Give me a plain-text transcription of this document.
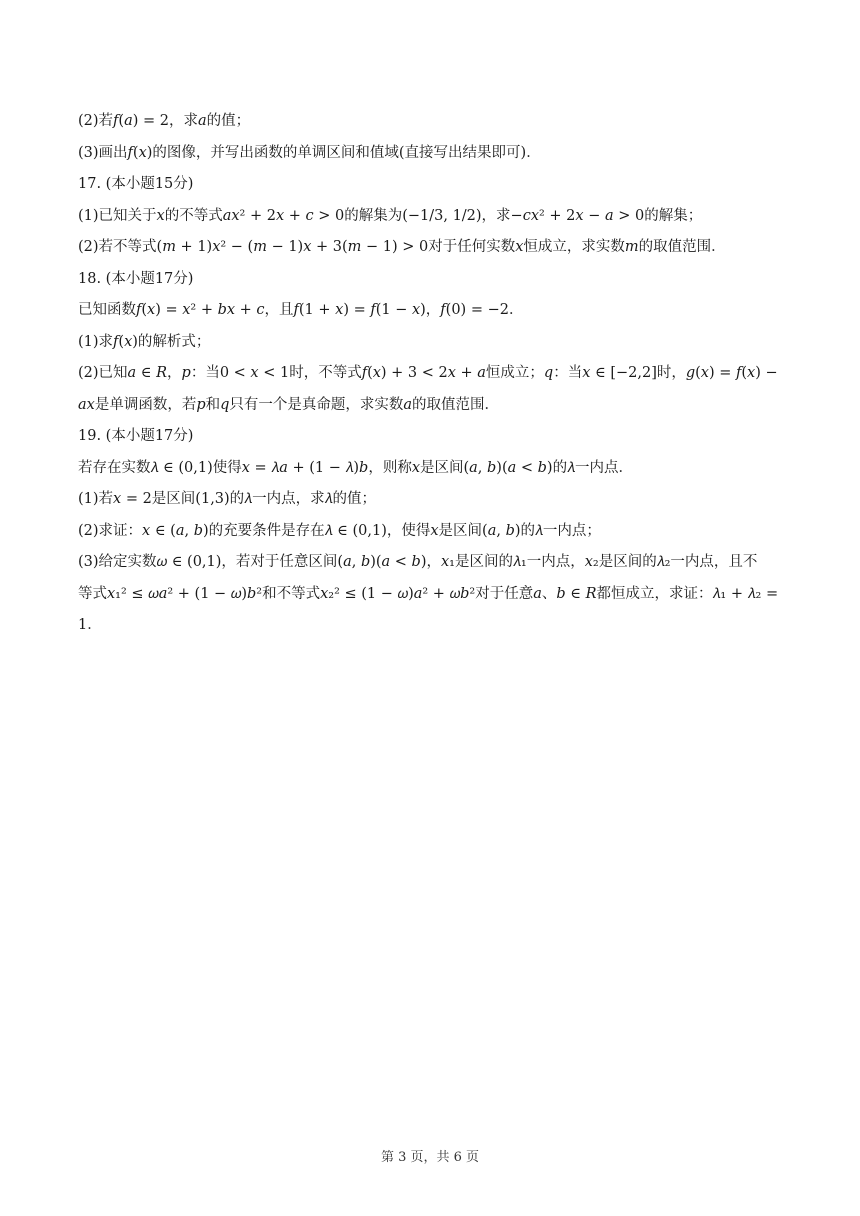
(2)若𝑓(𝑎) = 2，求𝑎的值；
(3)画出𝑓(𝑥)的图像，并写出函数的单调区间和值域(直接写出结果即可)．
17. (本小题15分)
(1)已知关于𝑥的不等式𝑎𝑥² + 2𝑥 + 𝑐 > 0的解集为(−1/3, 1/2)，求−𝑐𝑥² + 2𝑥 − 𝑎 > 0的解集；
(2)若不等式(𝑚 + 1)𝑥² − (𝑚 − 1)𝑥 + 3(𝑚 − 1) > 0对于任何实数𝑥恒成立，求实数𝑚的取值范围．
18. (本小题17分)
已知函数𝑓(𝑥) = 𝑥² + 𝑏𝑥 + 𝑐，且𝑓(1 + 𝑥) = 𝑓(1 − 𝑥)，𝑓(0) = −2．
(1)求𝑓(𝑥)的解析式；
(2)已知𝑎 ∈ 𝑅，𝑝：当0 < 𝑥 < 1时，不等式𝑓(𝑥) + 3 < 2𝑥 + 𝑎恒成立；𝑞：当𝑥 ∈ [−2,2]时，𝑔(𝑥) = 𝑓(𝑥) −
𝑎𝑥是单调函数，若𝑝和𝑞只有一个是真命题，求实数𝑎的取值范围．
19. (本小题17分)
若存在实数𝜆 ∈ (0,1)使得𝑥 = 𝜆𝑎 + (1 − 𝜆)𝑏，则称𝑥是区间(𝑎, 𝑏)(𝑎 < 𝑏)的𝜆一内点．
(1)若𝑥 = 2是区间(1,3)的𝜆一内点，求𝜆的值；
(2)求证：𝑥 ∈ (𝑎, 𝑏)的充要条件是存在𝜆 ∈ (0,1)，使得𝑥是区间(𝑎, 𝑏)的𝜆一内点；
(3)给定实数𝜔 ∈ (0,1)，若对于任意区间(𝑎, 𝑏)(𝑎 < 𝑏)，𝑥₁是区间的𝜆₁一内点，𝑥₂是区间的𝜆₂一内点，且不
等式𝑥₁² ≤ 𝜔𝑎² + (1 − 𝜔)𝑏²和不等式𝑥₂² ≤ (1 − 𝜔)𝑎² + 𝜔𝑏²对于任意𝑎、𝑏 ∈ 𝑅都恒成立，求证：𝜆₁ + 𝜆₂ =
1．
第 3 页，共 6 页
